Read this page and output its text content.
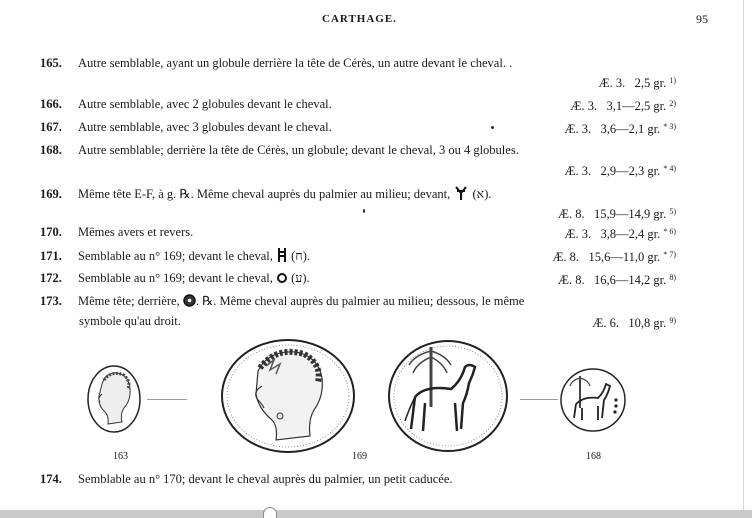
CARTHAGE.	95
165. Autre semblable, ayant un globule derrière la tête de Cérès, un autre devant le cheval. .
Æ. 3. 2,5 gr. $^{1)}$
166. Autre semblable, avec 2 globules devant le cheval.	Æ. 3. 3,1—2,5 gr. $^{2)}$
167. Autre semblable, avec 3 globules devant le cheval.	Æ. 3. 3,6—2,1 gr. $^{* 3)}$
168. Autre semblable; derrière la tête de Cérès, un globule; devant le cheval, 3 ou 4 globules.
Æ. 3. 2,9—2,3 gr. $^{* 4)}$
169. Même tête E-F, à g. ℞. Même cheval auprès du palmier au milieu; devant, (א).
Æ. 8. 15,9—14,9 gr. $^{5)}$
170. Mêmes avers et revers.	Æ. 3. 3,8—2,4 gr. $^{* 6)}$
171. Semblable au n° 169; devant le cheval, (ח).	Æ. 8. 15,6—11,0 gr. $^{* 7)}$
172. Semblable au n° 169; devant le cheval, (ע).	Æ. 8. 16,6—14,2 gr. $^{8)}$
173. Même tête; derrière, . ℞. Même cheval auprès du palmier au milieu; dessous, le même
symbole qu'au droit.	Æ. 6. 10,8 gr. $^{9)}$
163	169	168
174. Semblable au n° 170; devant le cheval auprès du palmier, un petit caducée.
